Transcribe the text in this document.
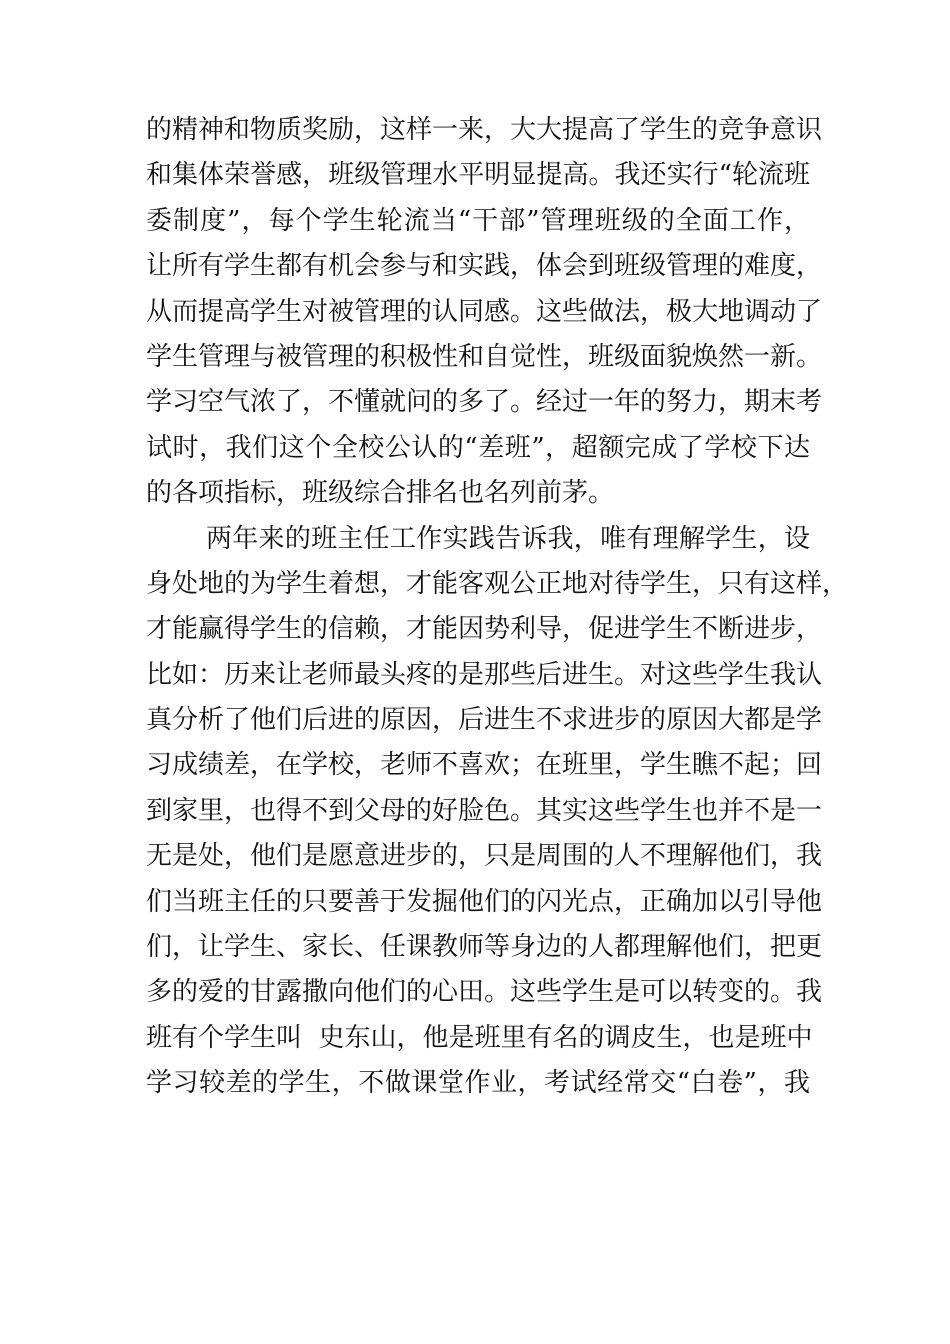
的精神和物质奖励，这样一来，大大提高了学生的竞争意识
和集体荣誉感，班级管理水平明显提高。我还实行“轮流班
委制度”，每个学生轮流当“干部”管理班级的全面工作，
让所有学生都有机会参与和实践，体会到班级管理的难度，
从而提高学生对被管理的认同感。这些做法，极大地调动了
学生管理与被管理的积极性和自觉性，班级面貌焕然一新。
学习空气浓了，不懂就问的多了。经过一年的努力，期末考
试时，我们这个全校公认的“差班”，超额完成了学校下达
的各项指标，班级综合排名也名列前茅。
两年来的班主任工作实践告诉我，唯有理解学生，设
身处地的为学生着想，才能客观公正地对待学生，只有这样，
才能赢得学生的信赖，才能因势利导，促进学生不断进步，
比如：历来让老师最头疼的是那些后进生。对这些学生我认
真分析了他们后进的原因，后进生不求进步的原因大都是学
习成绩差，在学校，老师不喜欢；在班里，学生瞧不起；回
到家里，也得不到父母的好脸色。其实这些学生也并不是一
无是处，他们是愿意进步的，只是周围的人不理解他们，我
们当班主任的只要善于发掘他们的闪光点，正确加以引导他
们，让学生、家长、任课教师等身边的人都理解他们，把更
多的爱的甘露撒向他们的心田。这些学生是可以转变的。我
班有个学生叫  史东山，他是班里有名的调皮生，也是班中
学习较差的学生，不做课堂作业，考试经常交“白卷”，我
